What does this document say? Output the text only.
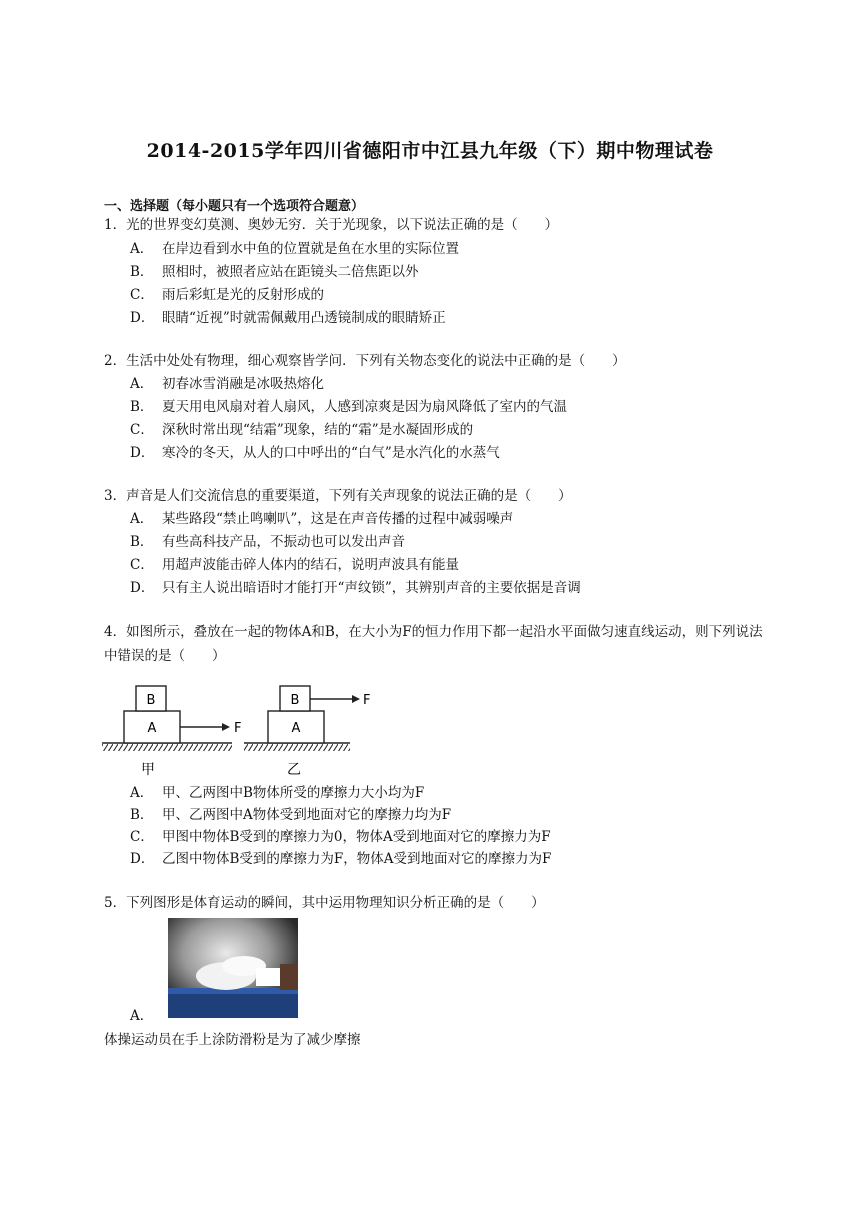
2014-2015学年四川省德阳市中江县九年级（下）期中物理试卷
一、选择题（每小题只有一个选项符合题意）
1．光的世界变幻莫测、奥妙无穷．关于光现象，以下说法正确的是（　　）
A． 在岸边看到水中鱼的位置就是鱼在水里的实际位置
B． 照相时，被照者应站在距镜头二倍焦距以外
C． 雨后彩虹是光的反射形成的
D． 眼睛“近视”时就需佩戴用凸透镜制成的眼睛矫正
2．生活中处处有物理，细心观察皆学问．下列有关物态变化的说法中正确的是（　　）
A． 初春冰雪消融是冰吸热熔化
B． 夏天用电风扇对着人扇风，人感到凉爽是因为扇风降低了室内的气温
C． 深秋时常出现“结霜”现象，结的“霜”是水凝固形成的
D． 寒冷的冬天，从人的口中呼出的“白气”是水汽化的水蒸气
3．声音是人们交流信息的重要渠道，下列有关声现象的说法正确的是（　　）
A． 某些路段“禁止鸣喇叭”，这是在声音传播的过程中减弱噪声
B． 有些高科技产品，不振动也可以发出声音
C． 用超声波能击碎人体内的结石，说明声波具有能量
D． 只有主人说出暗语时才能打开“声纹锁”，其辨别声音的主要依据是音调
4．如图所示，叠放在一起的物体A和B，在大小为F的恒力作用下都一起沿水平面做匀速直线运动，则下列说法中错误的是（　　）
A
B
F
甲
A
B	F
乙
A． 甲、乙两图中B物体所受的摩擦力大小均为F
B． 甲、乙两图中A物体受到地面对它的摩擦力均为F
C． 甲图中物体B受到的摩擦力为0，物体A受到地面对它的摩擦力为F
D． 乙图中物体B受到的摩擦力为F，物体A受到地面对它的摩擦力为F
5．下列图形是体育运动的瞬间，其中运用物理知识分析正确的是（　　）
A．
体操运动员在手上涂防滑粉是为了减少摩擦
